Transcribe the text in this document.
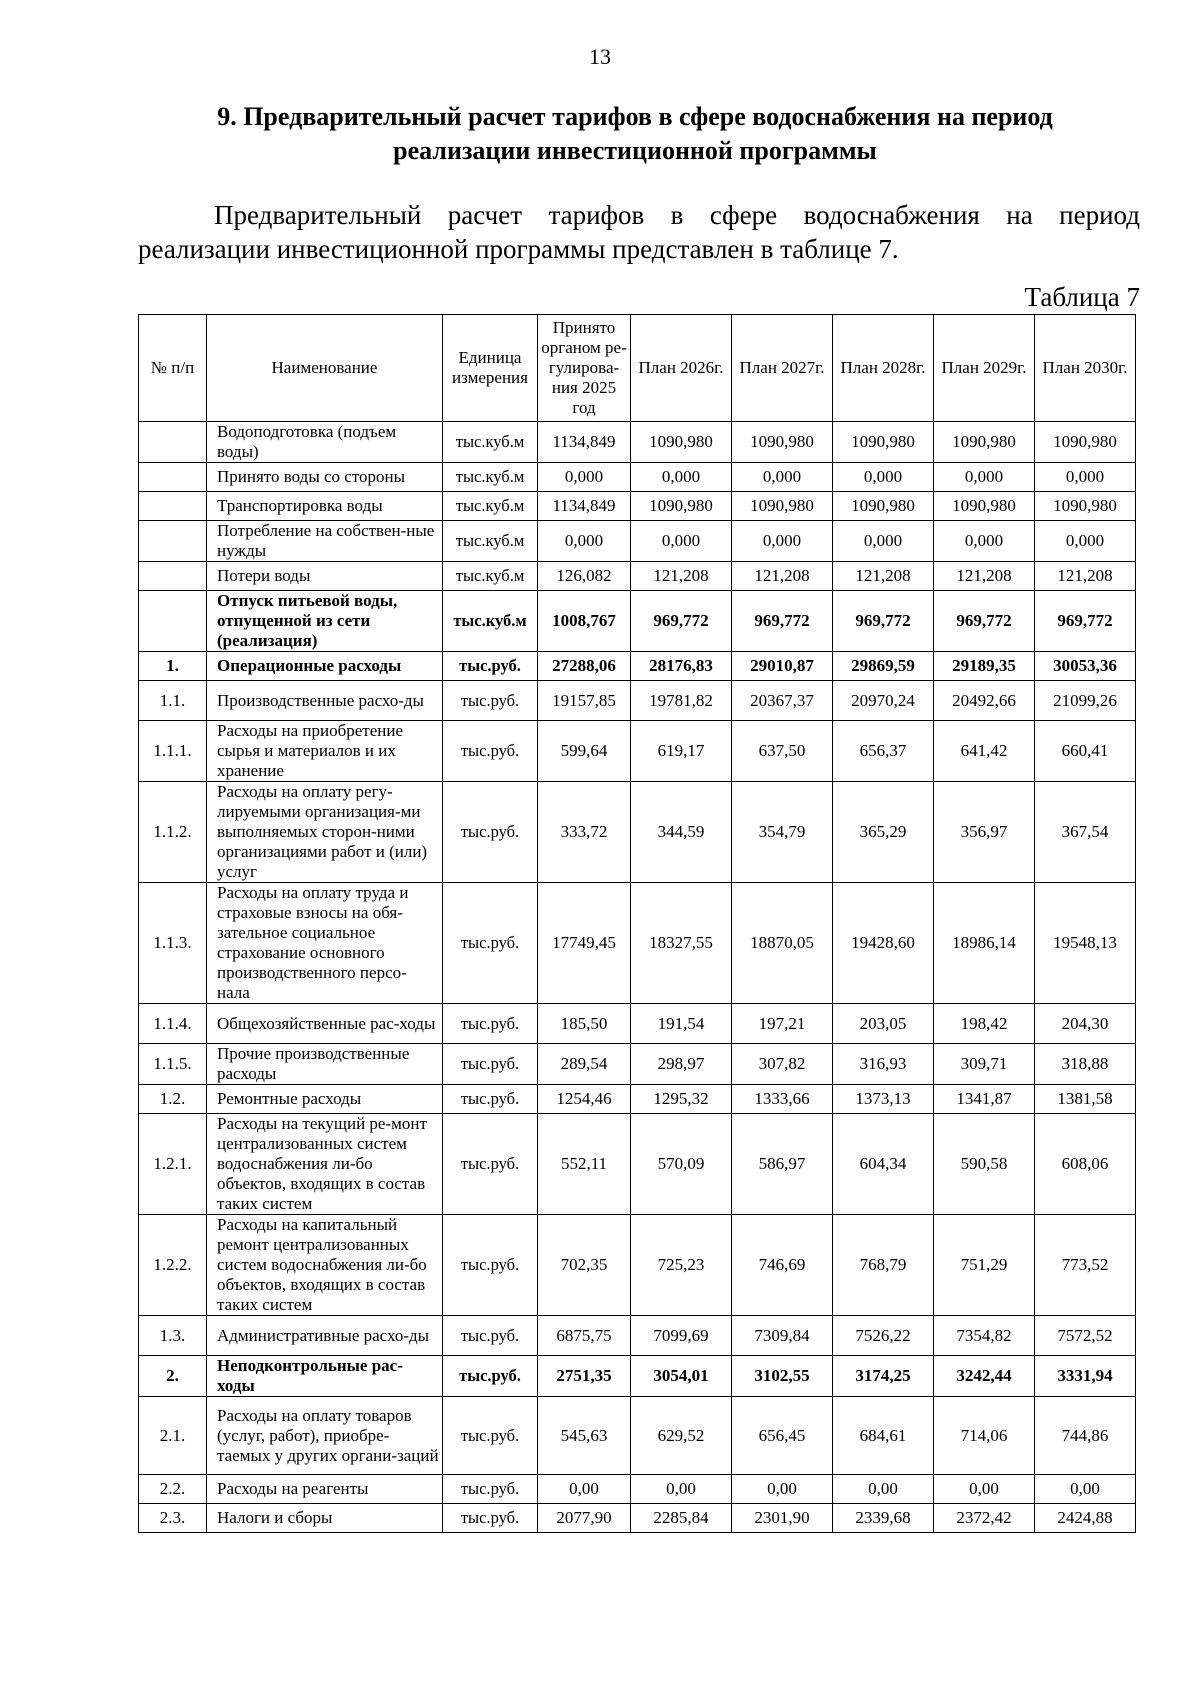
13
9. Предварительный расчет тарифов в сфере водоснабжения на период
реализации инвестиционной программы
Предварительный расчет тарифов в сфере водоснабжения на период реализации инвестиционной программы представлен в таблице 7.
Таблица 7
№ п/п	Наименование	Единица измерения	Принято органом ре-гулирова-ния 2025 год	План 2026г.	План 2027г.	План 2028г.	План 2029г.	План 2030г.
	Водоподготовка (подъем воды)	тыс.куб.м	1134,849	1090,980	1090,980	1090,980	1090,980	1090,980
	Принято воды со стороны	тыс.куб.м	0,000	0,000	0,000	0,000	0,000	0,000
	Транспортировка воды	тыс.куб.м	1134,849	1090,980	1090,980	1090,980	1090,980	1090,980
	Потребление на собствен-ные нужды	тыс.куб.м	0,000	0,000	0,000	0,000	0,000	0,000
	Потери воды	тыс.куб.м	126,082	121,208	121,208	121,208	121,208	121,208
	Отпуск питьевой воды, отпущенной из сети (реализация)	тыс.куб.м	1008,767	969,772	969,772	969,772	969,772	969,772
1.	Операционные расходы	тыс.руб.	27288,06	28176,83	29010,87	29869,59	29189,35	30053,36
1.1.	Производственные расхо-ды	тыс.руб.	19157,85	19781,82	20367,37	20970,24	20492,66	21099,26
1.1.1.	Расходы на приобретение сырья и материалов и их хранение	тыс.руб.	599,64	619,17	637,50	656,37	641,42	660,41
1.1.2.	Расходы на оплату регу-лируемыми организация-ми выполняемых сторон-ними организациями работ и (или) услуг	тыс.руб.	333,72	344,59	354,79	365,29	356,97	367,54
1.1.3.	Расходы на оплату труда и страховые взносы на обя-зательное социальное страхование основного производственного персо-нала	тыс.руб.	17749,45	18327,55	18870,05	19428,60	18986,14	19548,13
1.1.4.	Общехозяйственные рас-ходы	тыс.руб.	185,50	191,54	197,21	203,05	198,42	204,30
1.1.5.	Прочие производственные расходы	тыс.руб.	289,54	298,97	307,82	316,93	309,71	318,88
1.2.	Ремонтные расходы	тыс.руб.	1254,46	1295,32	1333,66	1373,13	1341,87	1381,58
1.2.1.	Расходы на текущий ре-монт централизованных систем водоснабжения ли-бо объектов, входящих в состав таких систем	тыс.руб.	552,11	570,09	586,97	604,34	590,58	608,06
1.2.2.	Расходы на капитальный ремонт централизованных систем водоснабжения ли-бо объектов, входящих в состав таких систем	тыс.руб.	702,35	725,23	746,69	768,79	751,29	773,52
1.3.	Административные расхо-ды	тыс.руб.	6875,75	7099,69	7309,84	7526,22	7354,82	7572,52
2.	Неподконтрольные рас-ходы	тыс.руб.	2751,35	3054,01	3102,55	3174,25	3242,44	3331,94
2.1.	Расходы на оплату товаров (услуг, работ), приобре-таемых у других органи-заций	тыс.руб.	545,63	629,52	656,45	684,61	714,06	744,86
2.2.	Расходы на реагенты	тыс.руб.	0,00	0,00	0,00	0,00	0,00	0,00
2.3.	Налоги и сборы	тыс.руб.	2077,90	2285,84	2301,90	2339,68	2372,42	2424,88
